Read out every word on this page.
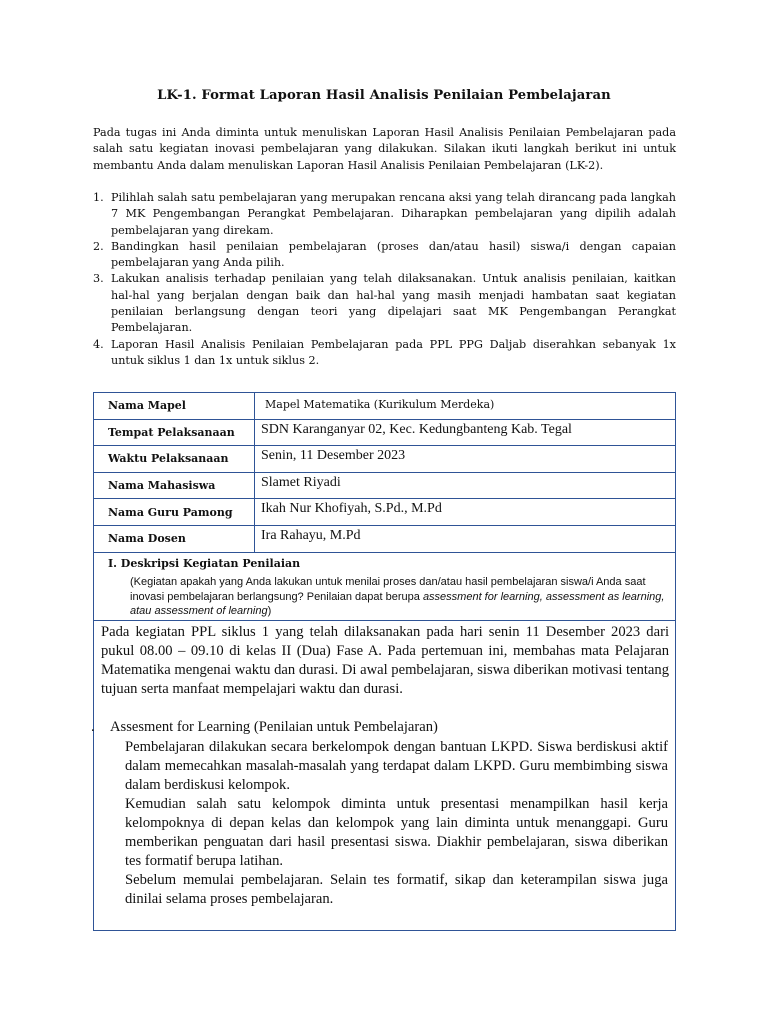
LK-1. Format Laporan Hasil Analisis Penilaian Pembelajaran

Pada tugas ini Anda diminta untuk menuliskan Laporan Hasil Analisis Penilaian Pembelajaran pada salah satu kegiatan inovasi pembelajaran yang dilakukan. Silakan ikuti langkah berikut ini untuk membantu Anda dalam menuliskan Laporan Hasil Analisis Penilaian Pembelajaran (LK-2).

1. Pilihlah salah satu pembelajaran yang merupakan rencana aksi yang telah dirancang pada langkah 7 MK Pengembangan Perangkat Pembelajaran. Diharapkan pembelajaran yang dipilih adalah pembelajaran yang direkam.
2. Bandingkan hasil penilaian pembelajaran (proses dan/atau hasil) siswa/i dengan capaian pembelajaran yang Anda pilih.
3. Lakukan analisis terhadap penilaian yang telah dilaksanakan. Untuk analisis penilaian, kaitkan hal-hal yang berjalan dengan baik dan hal-hal yang masih menjadi hambatan saat kegiatan penilaian berlangsung dengan teori yang dipelajari saat MK Pengembangan Perangkat Pembelajaran.
4. Laporan Hasil Analisis Penilaian Pembelajaran pada PPL PPG Daljab diserahkan sebanyak 1x untuk siklus 1 dan 1x untuk siklus 2.
Nama Mapel	Mapel Matematika (Kurikulum Merdeka)
Tempat Pelaksanaan	SDN Karanganyar 02, Kec. Kedungbanteng Kab. Tegal
Waktu Pelaksanaan	Senin, 11 Desember 2023
Nama Mahasiswa	Slamet Riyadi
Nama Guru Pamong	Ikah Nur Khofiyah, S.Pd., M.Pd
Nama Dosen	Ira Rahayu, M.Pd
I. Deskripsi Kegiatan Penilaian
(Kegiatan apakah yang Anda lakukan untuk menilai proses dan/atau hasil pembelajaran siswa/i Anda saat inovasi pembelajaran berlangsung? Penilaian dapat berupa assessment for learning, assessment as learning, atau assessment of learning)

Pada kegiatan PPL siklus 1 yang telah dilaksanakan pada hari senin 11 Desember 2023 dari pukul 08.00 – 09.10 di kelas II (Dua) Fase A. Pada pertemuan ini, membahas mata Pelajaran Matematika mengenai waktu dan durasi. Di awal pembelajaran, siswa diberikan motivasi tentang tujuan serta manfaat mempelajari waktu dan durasi.

. Assesment for Learning (Penilaian untuk Pembelajaran)

Pembelajaran dilakukan secara berkelompok dengan bantuan LKPD. Siswa berdiskusi aktif dalam memecahkan masalah-masalah yang terdapat dalam LKPD. Guru membimbing siswa dalam berdiskusi kelompok.

Kemudian salah satu kelompok diminta untuk presentasi menampilkan hasil kerja kelompoknya di depan kelas dan kelompok yang lain diminta untuk menanggapi. Guru memberikan penguatan dari hasil presentasi siswa. Diakhir pembelajaran, siswa diberikan tes formatif berupa latihan.

Sebelum memulai pembelajaran. Selain tes formatif, sikap dan keterampilan siswa juga dinilai selama proses pembelajaran.
